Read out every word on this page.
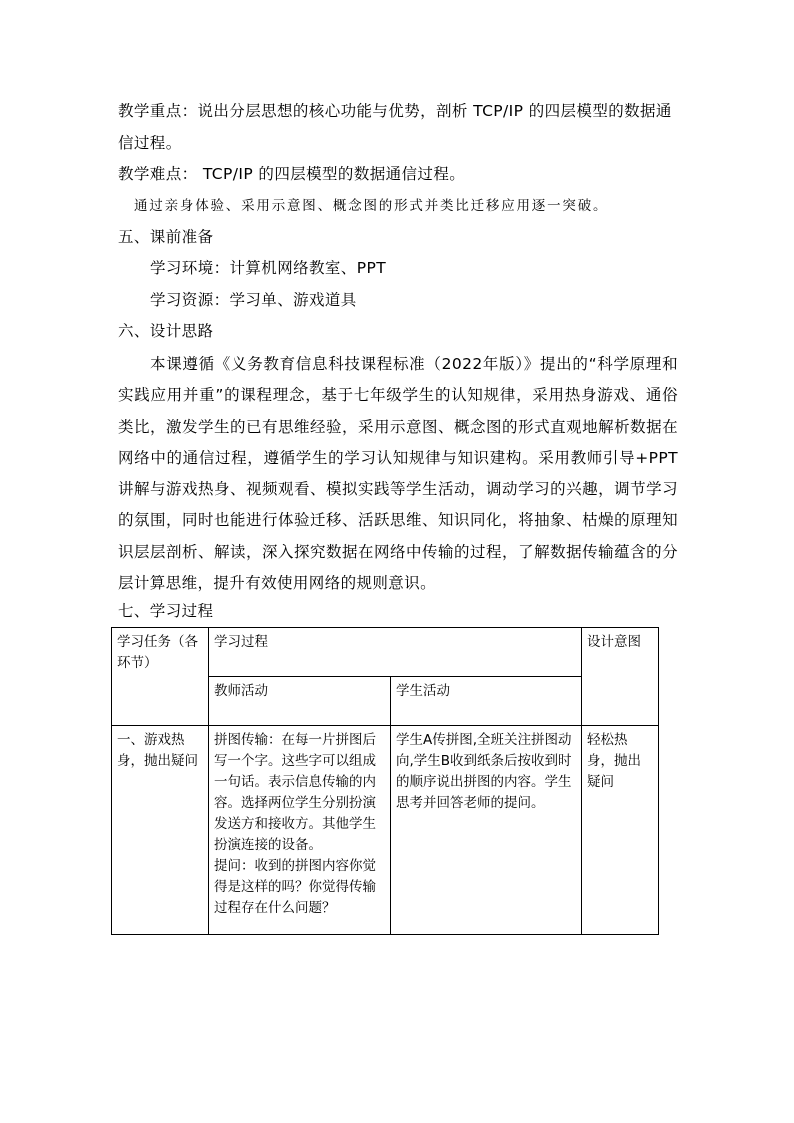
教学重点：说出分层思想的核心功能与优势，剖析 TCP/IP 的四层模型的数据通
信过程。
教学难点： TCP/IP 的四层模型的数据通信过程。
通过亲身体验、采用示意图、概念图的形式并类比迁移应用逐一突破。
五、课前准备
学习环境：计算机网络教室、PPT
学习资源：学习单、游戏道具
六、设计思路
本课遵循《义务教育信息科技课程标准（2022年版）》提出的“科学原理和实践应用并重”的课程理念，基于七年级学生的认知规律，采用热身游戏、通俗类比，激发学生的已有思维经验，采用示意图、概念图的形式直观地解析数据在网络中的通信过程，遵循学生的学习认知规律与知识建构。采用教师引导+PPT讲解与游戏热身、视频观看、模拟实践等学生活动，调动学习的兴趣，调节学习的氛围，同时也能进行体验迁移、活跃思维、知识同化，将抽象、枯燥的原理知识层层剖析、解读，深入探究数据在网络中传输的过程，了解数据传输蕴含的分层计算思维，提升有效使用网络的规则意识。
七、学习过程
学习任务（各环节）	学习过程		设计意图
	教师活动	学生活动	
一、游戏热身，抛出疑问	拼图传输：在每一片拼图后写一个字。这些字可以组成一句话。表示信息传输的内容。选择两位学生分别扮演发送方和接收方。其他学生扮演连接的设备。
提问：收到的拼图内容你觉得是这样的吗？你觉得传输过程存在什么问题？	学生A传拼图,全班关注拼图动向,学生B收到纸条后按收到时的顺序说出拼图的内容。学生思考并回答老师的提问。	轻松热身，抛出疑问
